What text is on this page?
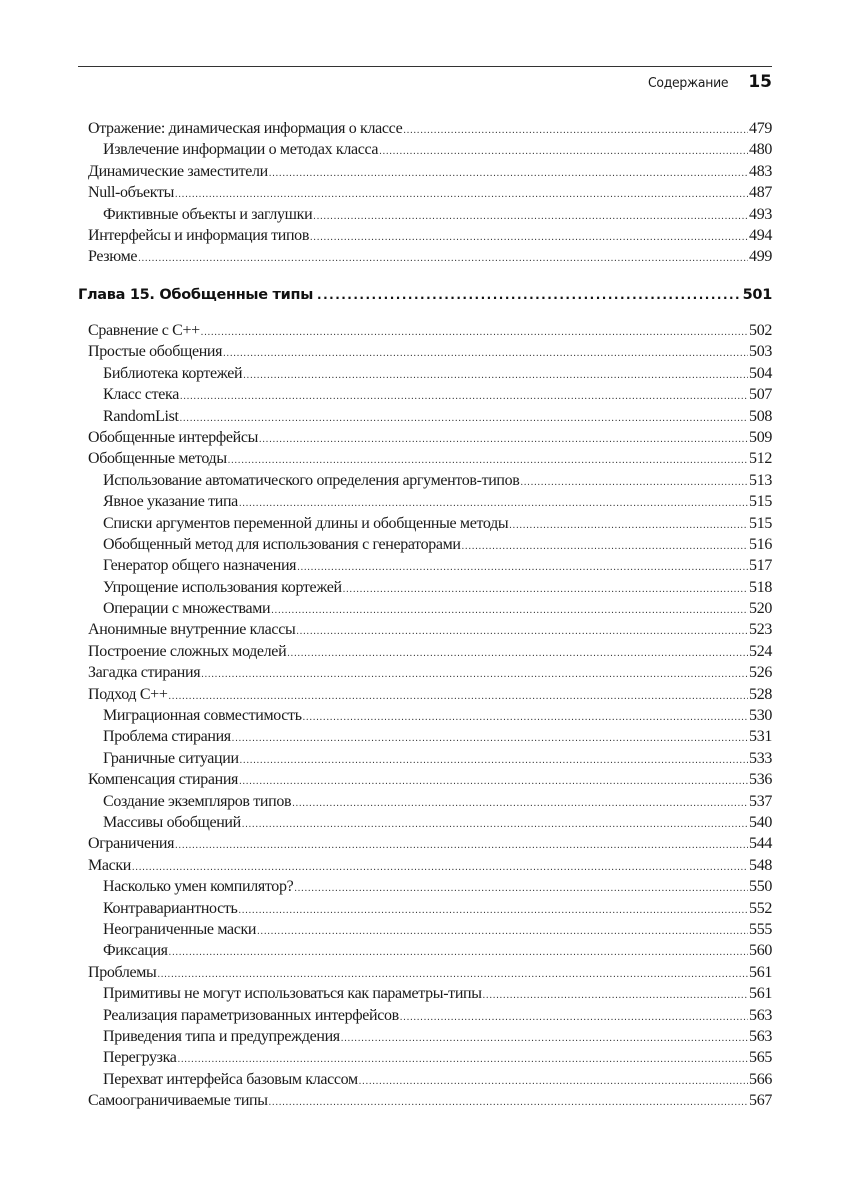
Содержание 15
Отражение: динамическая информация о классе .....	479
Извлечение информации о методах класса .....	480
Динамические заместители .....	483
Null-объекты .....	487
Фиктивные объекты и заглушки .....	493
Интерфейсы и информация типов .....	494
Резюме .....	499
Глава 15. Обобщенные типы .....	501
Сравнение с C++ .....	502
Простые обобщения .....	503
Библиотека кортежей .....	504
Класс стека .....	507
RandomList .....	508
Обобщенные интерфейсы .....	509
Обобщенные методы .....	512
Использование автоматического определения аргументов-типов .....	513
Явное указание типа .....	515
Списки аргументов переменной длины и обобщенные методы .....	515
Обобщенный метод для использования с генераторами .....	516
Генератор общего назначения .....	517
Упрощение использования кортежей .....	518
Операции с множествами .....	520
Анонимные внутренние классы .....	523
Построение сложных моделей .....	524
Загадка стирания .....	526
Подход C++ .....	528
Миграционная совместимость .....	530
Проблема стирания .....	531
Граничные ситуации .....	533
Компенсация стирания .....	536
Создание экземпляров типов .....	537
Массивы обобщений .....	540
Ограничения .....	544
Маски .....	548
Насколько умен компилятор? .....	550
Контравариантность .....	552
Неограниченные маски .....	555
Фиксация .....	560
Проблемы .....	561
Примитивы не могут использоваться как параметры-типы .....	561
Реализация параметризованных интерфейсов .....	563
Приведения типа и предупреждения .....	563
Перегрузка .....	565
Перехват интерфейса базовым классом .....	566
Самоограничиваемые типы .....	567
